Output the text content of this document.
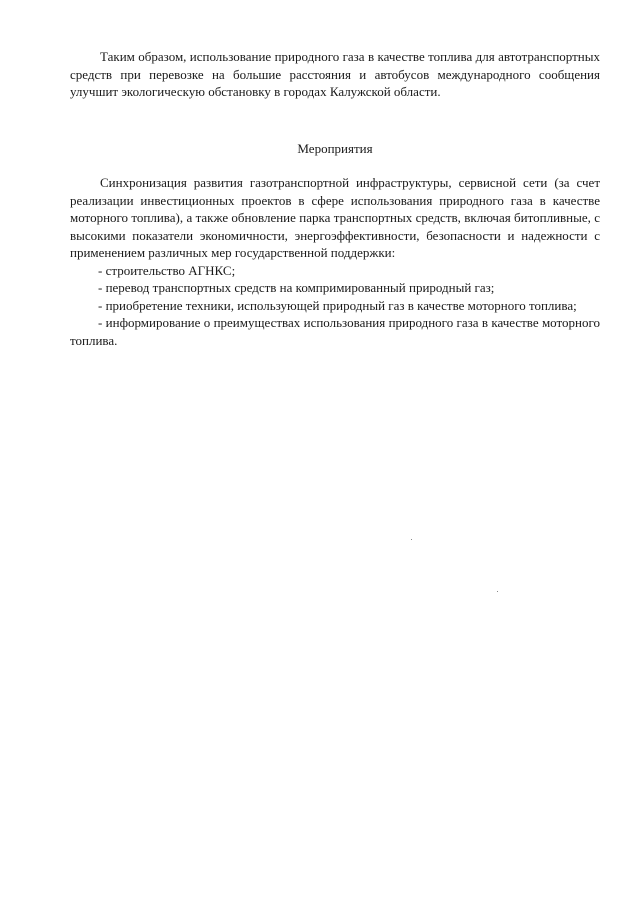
Таким образом, использование природного газа в качестве топлива для автотранспортных средств при перевозке на большие расстояния и автобусов международного сообщения улучшит экологическую обстановку в городах Калужской области.

Мероприятия

Синхронизация развития газотранспортной инфраструктуры, сервисной сети (за счет реализации инвестиционных проектов в сфере использования природного газа в качестве моторного топлива), а также обновление парка транспортных средств, включая битопливные, с высокими показатели экономичности, энергоэффективности, безопасности и надежности с применением различных мер государственной поддержки:

- строительство АГНКС;
- перевод транспортных средств на компримированный природный газ;
- приобретение техники, использующей природный газ в качестве моторного топлива;
- информирование о преимуществах использования природного газа в качестве моторного топлива.
